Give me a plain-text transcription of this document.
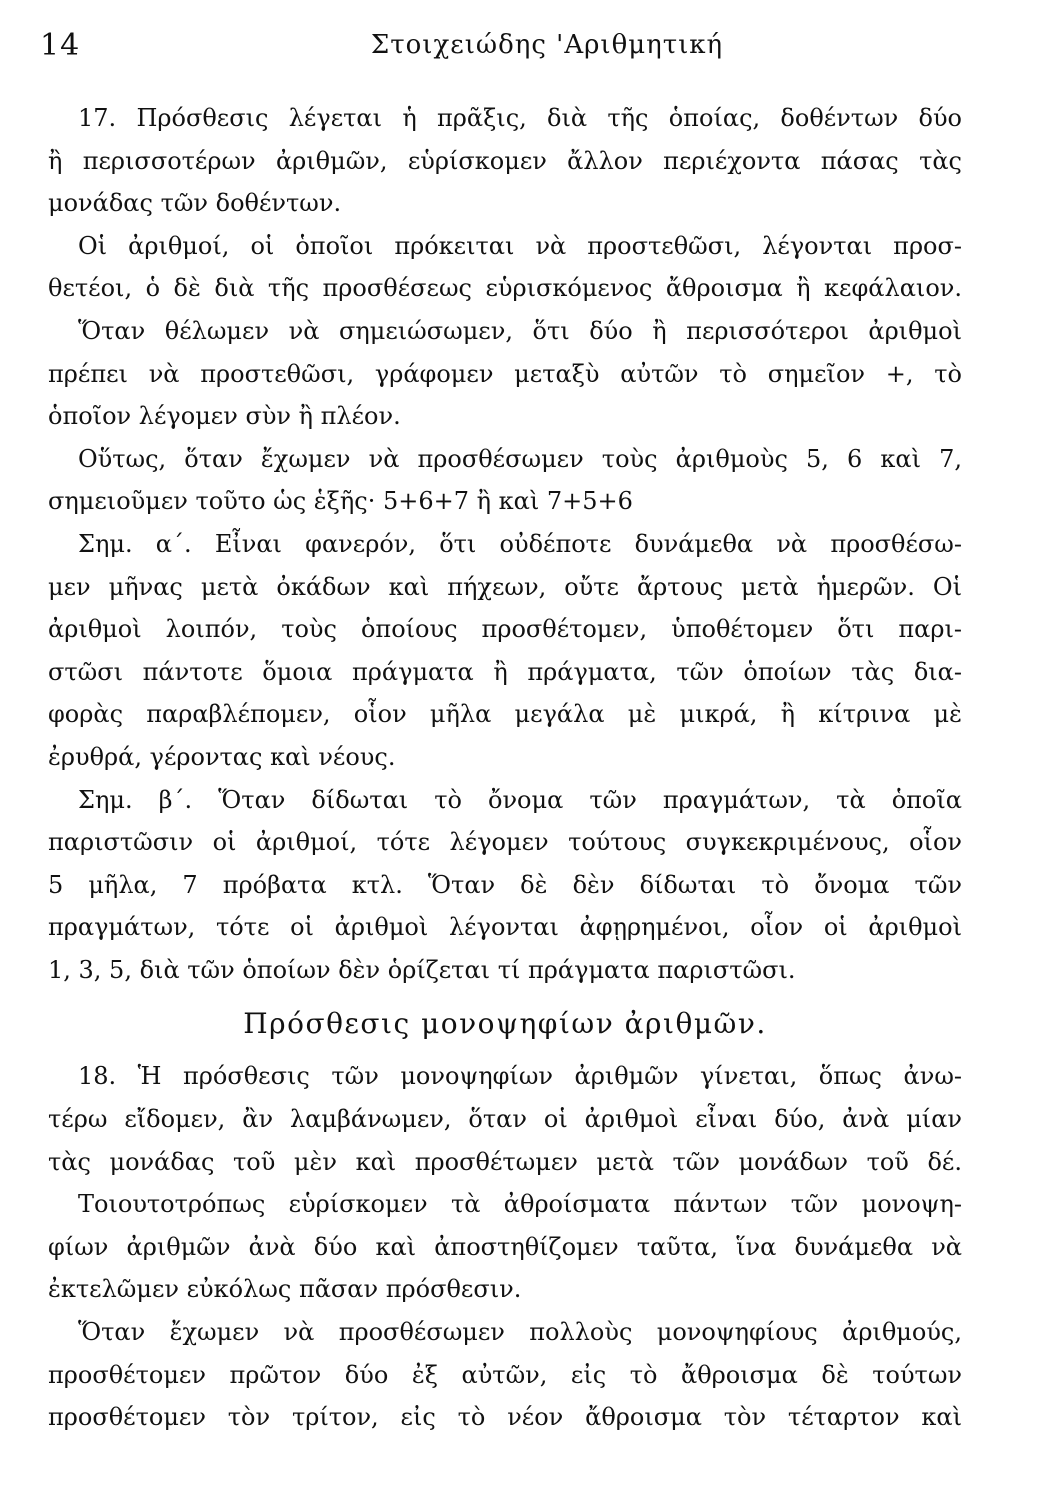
14	Στοιχειώδης 'Αριθμητική
17. Πρόσθεσις λέγεται ἡ πρᾶξις, διὰ τῆς ὁποίας, δοθέντων δύο
ἢ περισσοτέρων ἀριθμῶν, εὑρίσκομεν ἄλλον περιέχοντα πάσας τὰς
μονάδας τῶν δοθέντων.
Οἱ ἀριθμοί, οἱ ὁποῖοι πρόκειται νὰ προστεθῶσι, λέγονται προσ-
θετέοι, ὁ δὲ διὰ τῆς προσθέσεως εὑρισκόμενος ἄθροισμα ἢ κεφάλαιον.
Ὅταν θέλωμεν νὰ σημειώσωμεν, ὅτι δύο ἢ περισσότεροι ἀριθμοὶ
πρέπει νὰ προστεθῶσι, γράφομεν μεταξὺ αὐτῶν τὸ σημεῖον +, τὸ
ὁποῖον λέγομεν σὺν ἢ πλέον.
Οὕτως, ὅταν ἔχωμεν νὰ προσθέσωμεν τοὺς ἀριθμοὺς 5, 6 καὶ 7,
σημειοῦμεν τοῦτο ὡς ἑξῆς· 5+6+7 ἢ καὶ 7+5+6
Σημ. α΄. Εἶναι φανερόν, ὅτι οὐδέποτε δυνάμεθα νὰ προσθέσω-
μεν μῆνας μετὰ ὀκάδων καὶ πήχεων, οὔτε ἄρτους μετὰ ἡμερῶν. Οἱ
ἀριθμοὶ λοιπόν, τοὺς ὁποίους προσθέτομεν, ὑποθέτομεν ὅτι παρι-
στῶσι πάντοτε ὅμοια πράγματα ἢ πράγματα, τῶν ὁποίων τὰς δια-
φορὰς παραβλέπομεν, οἷον μῆλα μεγάλα μὲ μικρά, ἢ κίτρινα μὲ
ἐρυθρά, γέροντας καὶ νέους.
Σημ. β΄. Ὅταν δίδωται τὸ ὄνομα τῶν πραγμάτων, τὰ ὁποῖα
παριστῶσιν οἱ ἀριθμοί, τότε λέγομεν τούτους συγκεκριμένους, οἷον
5 μῆλα, 7 πρόβατα κτλ. Ὅταν δὲ δὲν δίδωται τὸ ὄνομα τῶν
πραγμάτων, τότε οἱ ἀριθμοὶ λέγονται ἀφῃρημένοι, οἷον οἱ ἀριθμοὶ
1, 3, 5, διὰ τῶν ὁποίων δὲν ὁρίζεται τί πράγματα παριστῶσι.
Πρόσθεσις μονοψηφίων ἀριθμῶν.
18. Ἡ πρόσθεσις τῶν μονοψηφίων ἀριθμῶν γίνεται, ὅπως ἀνω-
τέρω εἴδομεν, ἂν λαμβάνωμεν, ὅταν οἱ ἀριθμοὶ εἶναι δύο, ἀνὰ μίαν
τὰς μονάδας τοῦ μὲν καὶ προσθέτωμεν μετὰ τῶν μονάδων τοῦ δέ.
Τοιουτοτρόπως εὑρίσκομεν τὰ ἀθροίσματα πάντων τῶν μονοψη-
φίων ἀριθμῶν ἀνὰ δύο καὶ ἀποστηθίζομεν ταῦτα, ἵνα δυνάμεθα νὰ
ἐκτελῶμεν εὐκόλως πᾶσαν πρόσθεσιν.
Ὅταν ἔχωμεν νὰ προσθέσωμεν πολλοὺς μονοψηφίους ἀριθμούς,
προσθέτομεν πρῶτον δύο ἐξ αὐτῶν, εἰς τὸ ἄθροισμα δὲ τούτων
προσθέτομεν τὸν τρίτον, εἰς τὸ νέον ἄθροισμα τὸν τέταρτον καὶ
